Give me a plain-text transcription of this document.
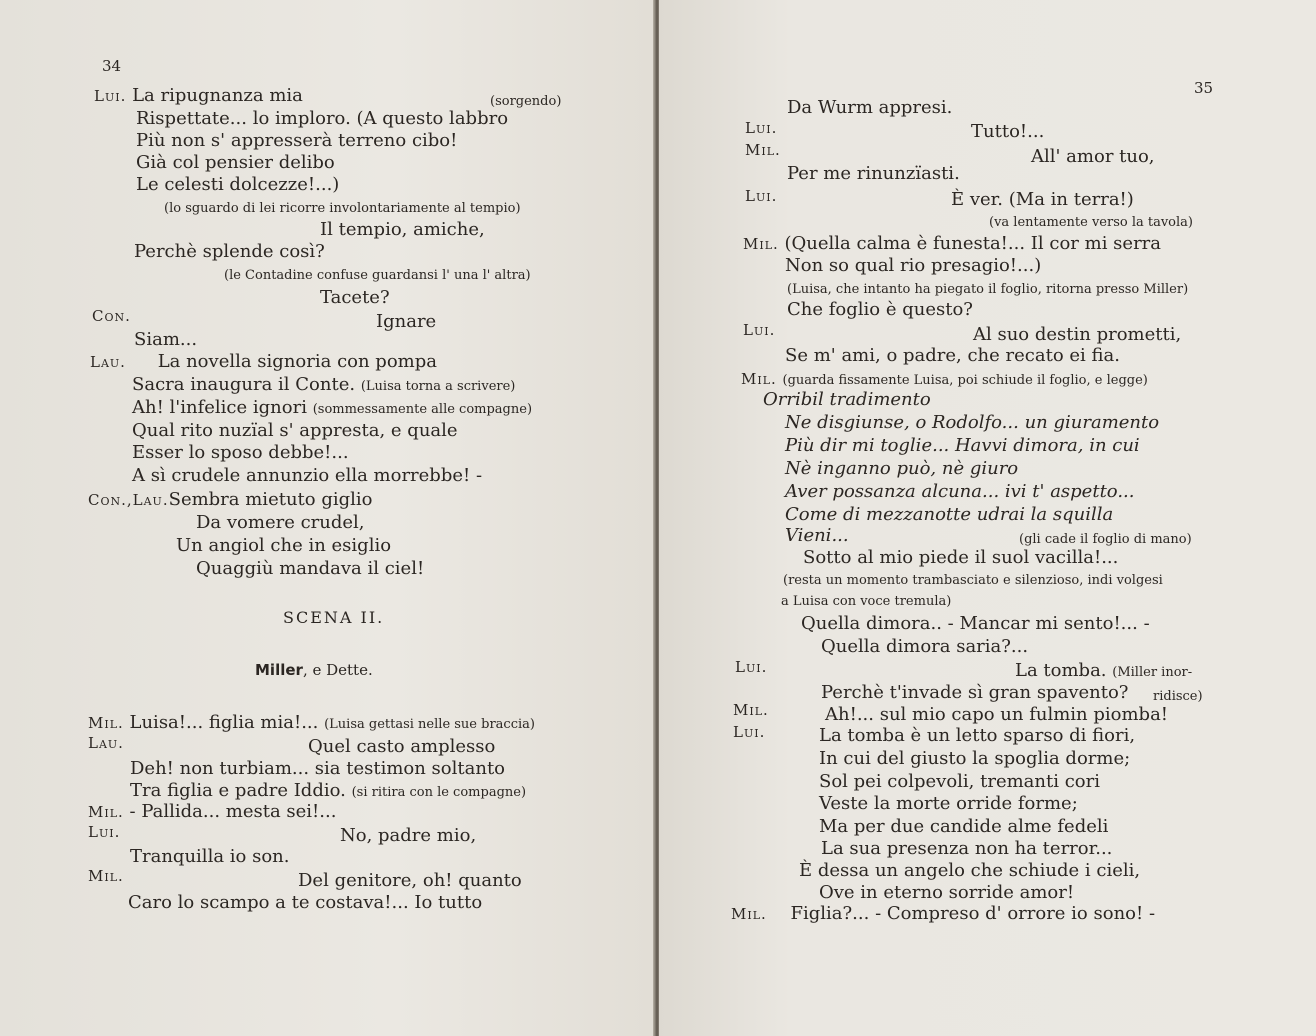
34
Lui. La ripugnanza mia	(sorgendo)
Rispettate... lo imploro. (A questo labbro
Più non s' appresserà terreno cibo!
Già col pensier delibo
Le celesti dolcezze!...)
(lo sguardo di lei ricorre involontariamente al tempio)
Il tempio, amiche,
Perchè splende così?
(le Contadine confuse guardansi l' una l' altra)
Tacete?
Con.	Ignare
Siam...
Lau. La novella signoria con pompa
Sacra inaugura il Conte. (Luisa torna a scrivere)
Ah! l'infelice ignori (sommessamente alle compagne)
Qual rito nuzïal s' appresta, e quale
Esser lo sposo debbe!...
A sì crudele annunzio ella morrebbe! -
Con.,Lau.Sembra mietuto giglio
Da vomere crudel,
Un angiol che in esiglio
Quaggiù mandava il ciel!
SCENA II.
Miller, e Dette.
Mil. Luisa!... figlia mia!... (Luisa gettasi nelle sue braccia)
Lau.	Quel casto amplesso
Deh! non turbiam... sia testimon soltanto
Tra figlia e padre Iddio. (si ritira con le compagne)
Mil. - Pallida... mesta sei!...
Lui.	No, padre mio,
Tranquilla io son.
Mil.	Del genitore, oh! quanto
Caro lo scampo a te costava!... Io tutto
35
Da Wurm appresi.
Lui.	Tutto!...
Mil.	All' amor tuo,
Per me rinunzïasti.
Lui.	È ver. (Ma in terra!)
(va lentamente verso la tavola)
Mil. (Quella calma è funesta!... Il cor mi serra
Non so qual rio presagio!...)
(Luisa, che intanto ha piegato il foglio, ritorna presso Miller)
Che foglio è questo?
Lui.	Al suo destin prometti,
Se m' ami, o padre, che recato ei fia.
Mil. (guarda fissamente Luisa, poi schiude il foglio, e legge)
Orribil tradimento
Ne disgiunse, o Rodolfo... un giuramento
Più dir mi toglie... Havvi dimora, in cui
Nè inganno può, nè giuro
Aver possanza alcuna... ivi t' aspetto...
Come di mezzanotte udrai la squilla
Vieni...	(gli cade il foglio di mano)
Sotto al mio piede il suol vacilla!...
(resta un momento trambasciato e silenzioso, indi volgesi
a Luisa con voce tremula)
Quella dimora.. - Mancar mi sento!... -
Quella dimora saria?...
Lui.	La tomba. (Miller inor-
Perchè t'invade sì gran spavento? ridisce)
Mil.	Ah!... sul mio capo un fulmin piomba!
Lui.	La tomba è un letto sparso di fiori,
In cui del giusto la spoglia dorme;
Sol pei colpevoli, tremanti cori
Veste la morte orride forme;
Ma per due candide alme fedeli
La sua presenza non ha terror...
È dessa un angelo che schiude i cieli,
Ove in eterno sorride amor!
Mil. Figlia?... - Compreso d' orrore io sono! -
